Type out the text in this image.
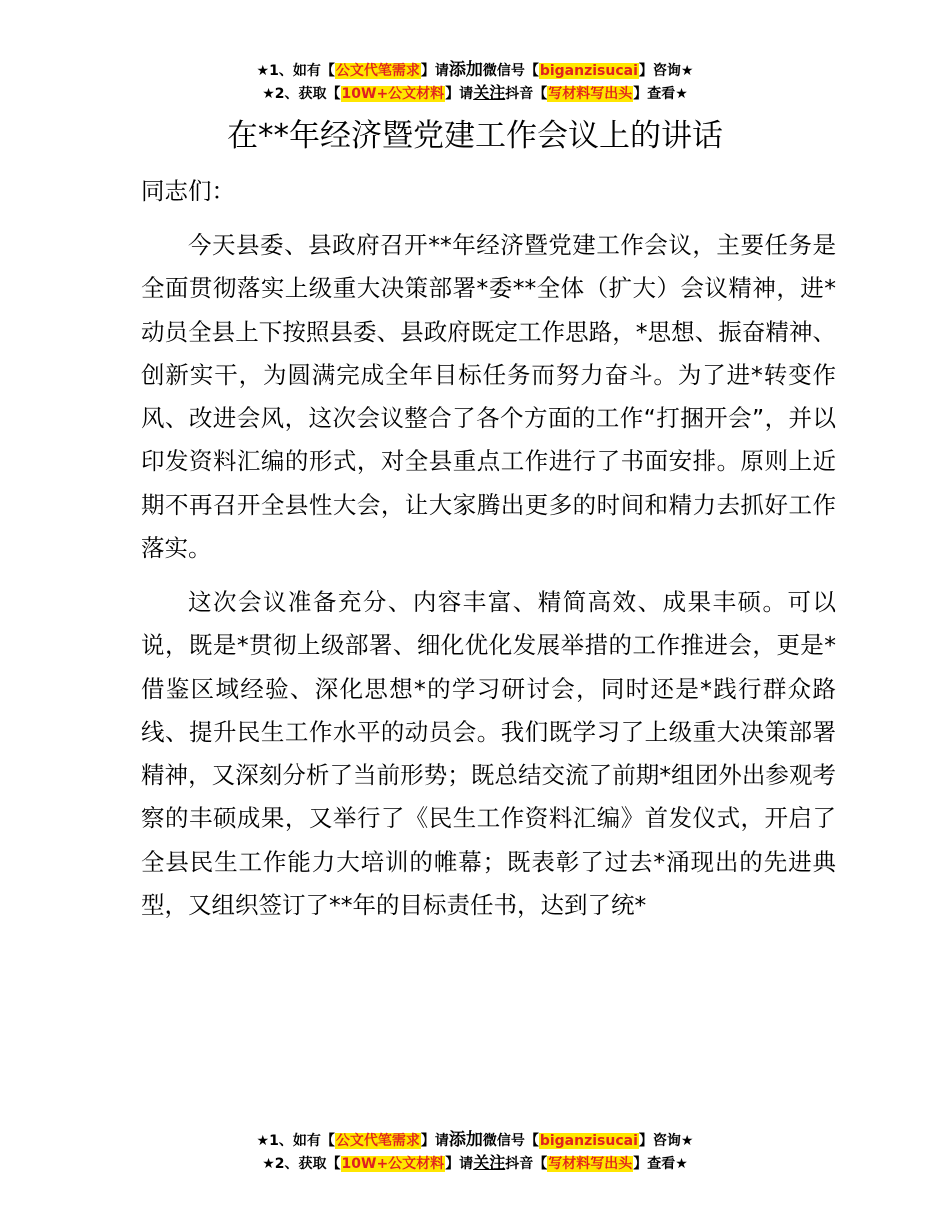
★1、如有【公文代笔需求】请添加微信号【biganzisucai】咨询★
★2、获取【10W+公文材料】请关注抖音【写材料写出头】查看★
在**年经济暨党建工作会议上的讲话

同志们：

今天县委、县政府召开**年经济暨党建工作会议，主要任务是全面贯彻落实上级重大决策部署*委**全体（扩大）会议精神，进*动员全县上下按照县委、县政府既定工作思路，*思想、振奋精神、创新实干，为圆满完成全年目标任务而努力奋斗。为了进*转变作风、改进会风，这次会议整合了各个方面的工作“打捆开会”，并以印发资料汇编的形式，对全县重点工作进行了书面安排。原则上近期不再召开全县性大会，让大家腾出更多的时间和精力去抓好工作落实。

这次会议准备充分、内容丰富、精简高效、成果丰硕。可以说，既是*贯彻上级部署、细化优化发展举措的工作推进会，更是*借鉴区域经验、深化思想*的学习研讨会，同时还是*践行群众路线、提升民生工作水平的动员会。我们既学习了上级重大决策部署精神，又深刻分析了当前形势；既总结交流了前期*组团外出参观考察的丰硕成果，又举行了《民生工作资料汇编》首发仪式，开启了全县民生工作能力大培训的帷幕；既表彰了过去*涌现出的先进典型，又组织签订了**年的目标责任书，达到了统*

★1、如有【公文代笔需求】请添加微信号【biganzisucai】咨询★
★2、获取【10W+公文材料】请关注抖音【写材料写出头】查看★
